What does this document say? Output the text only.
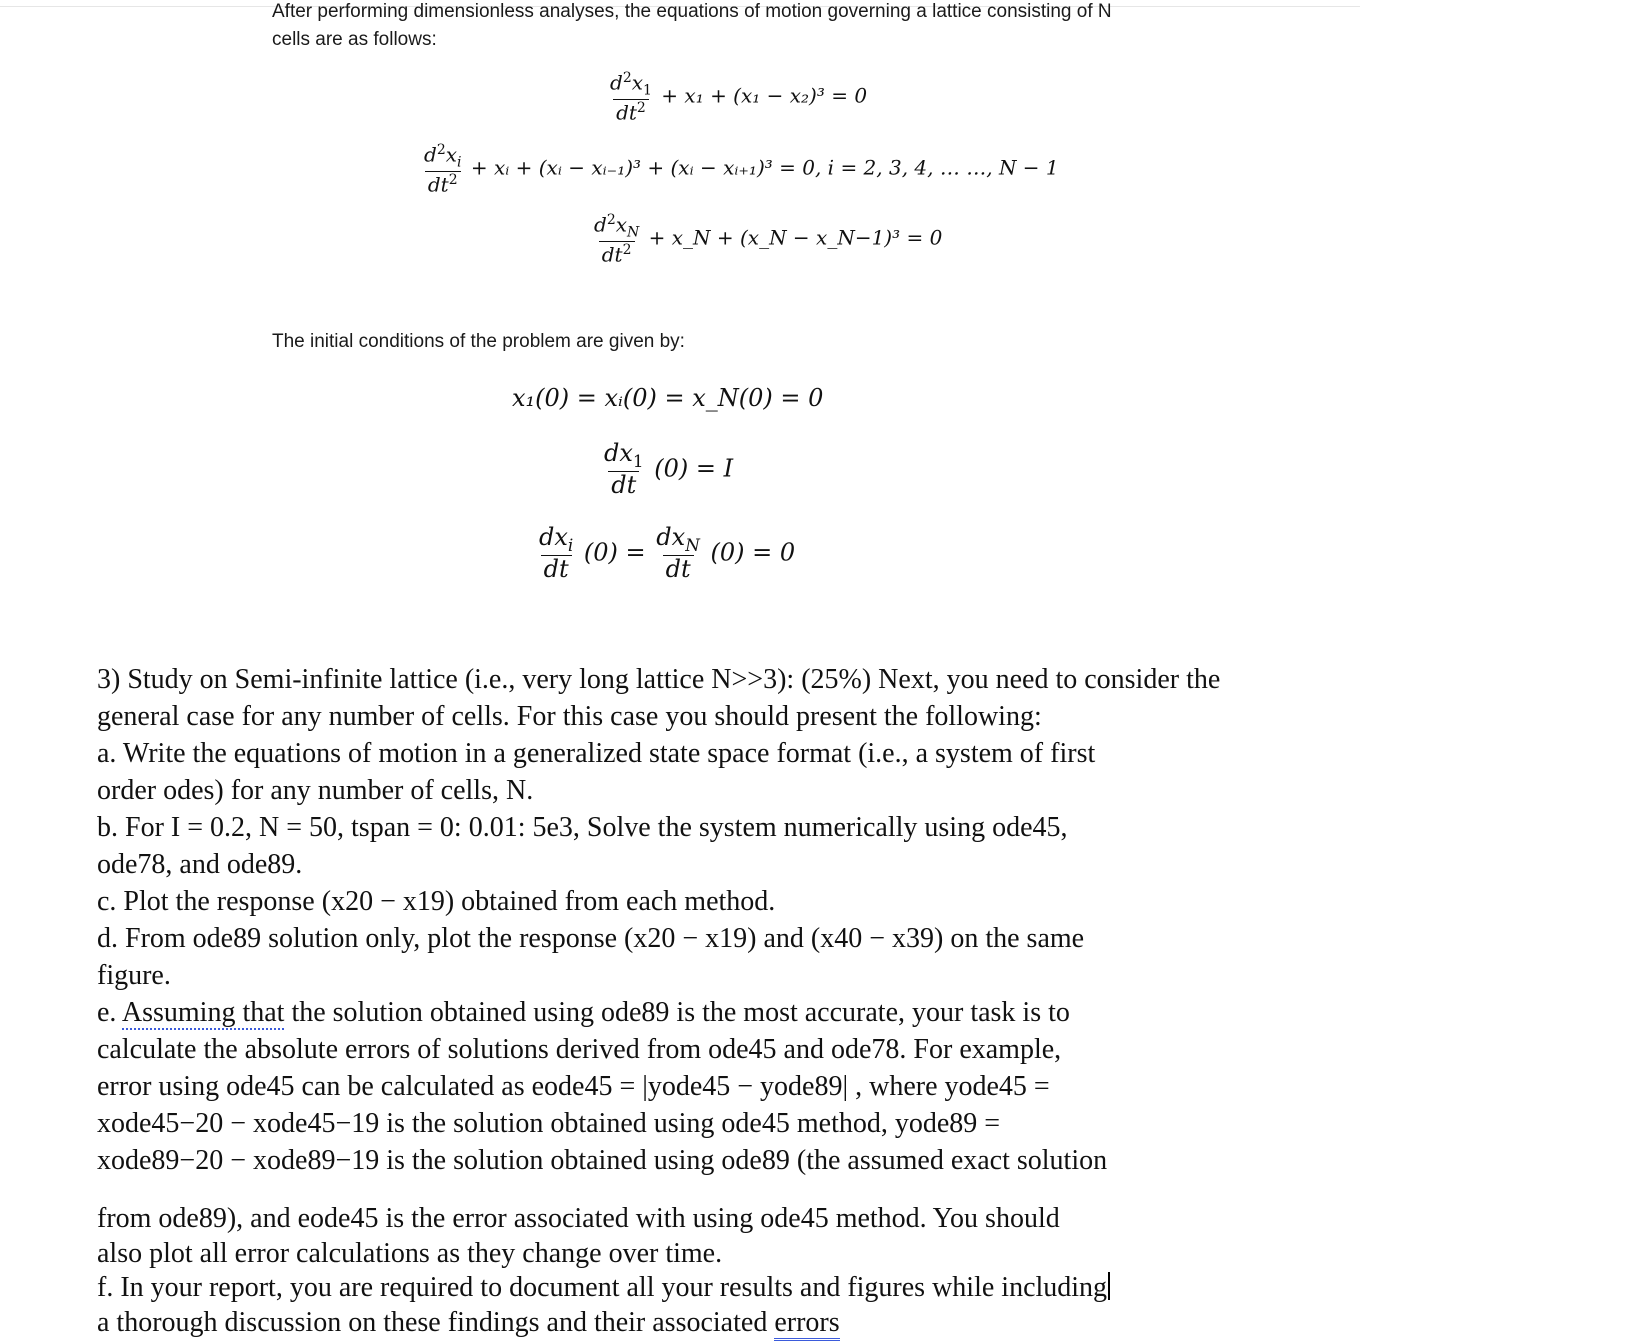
After performing dimensionless analyses, the equations of motion governing a lattice consisting of N
cells are as follows:
$\frac{d^2x_1}{dt^2} + x_1 + (x_1 - x_2)^3 = 0$
$\frac{d^2x_i}{dt^2}$ + xᵢ + (xᵢ − xᵢ₋₁)³ + (xᵢ − xᵢ₊₁)³ = 0, i = 2, 3, 4, … …, N − 1
$\frac{d^2x_N}{dt^2}$ + x_N + (x_N − x_N−1)³ = 0
The initial conditions of the problem are given by:
x₁(0) = xᵢ(0) = x_N(0) = 0
$\frac{dx_1}{dt} (0) = I$
$\frac{dx_i}{dt} (0) = \frac{dx_N}{dt} (0) = 0$
3) Study on Semi-infinite lattice (i.e., very long lattice N>>3): (25%) Next, you need to consider the
general case for any number of cells. For this case you should present the following:
a. Write the equations of motion in a generalized state space format (i.e., a system of first
order odes) for any number of cells, N.
b. For I = 0.2, N = 50, tspan = 0: 0.01: 5e3, Solve the system numerically using ode45,
ode78, and ode89.
c. Plot the response (x20 − x19) obtained from each method.
d. From ode89 solution only, plot the response (x20 − x19) and (x40 − x39) on the same
figure.
e. Assuming that the solution obtained using ode89 is the most accurate, your task is to
calculate the absolute errors of solutions derived from ode45 and ode78. For example,
error using ode45 can be calculated as eode45 = |yode45 − yode89| , where yode45 =
xode45−20 − xode45−19 is the solution obtained using ode45 method, yode89 =
xode89−20 − xode89−19 is the solution obtained using ode89 (the assumed exact solution
from ode89), and eode45 is the error associated with using ode45 method. You should
also plot all error calculations as they change over time.
f. In your report, you are required to document all your results and figures while including
a thorough discussion on these findings and their associated errors
